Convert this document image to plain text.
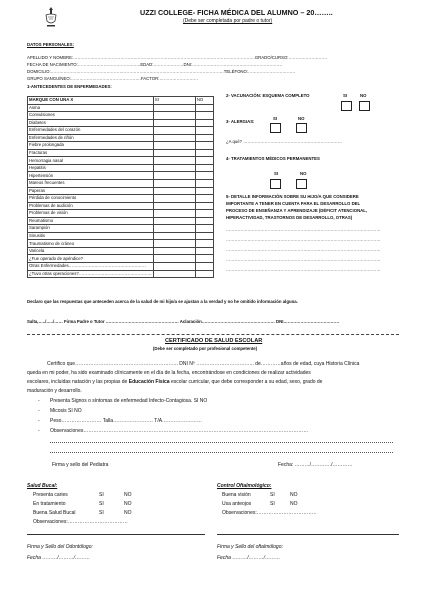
UZZI COLLEGE- FICHA MÉDICA DEL ALUMNO – 20……..
(Debe ser completada por padre o tutor)
DATOS PERSONALES:
APELLIDO Y NOMBRE:……………………………………………………………………………………………………………….GRADO/CURSO:………………………
FECHA DE NACIMIENTO:……………………………………..EDAD:…………………DNI:………………………………………………………
DOMICILIO:………………………………………………………………………………………………………….TELÉFONO:……………………………
GRUPO SANGUÍNEO:………………………………………….FACTOR:………………………
1-ANTECEDENTES DE ENFERMEDADES:
MARQUE CON UNA X	SI	NO
Asma		
Convulsiones		
Diabetes		
Enfermedades del corazón		
Enfermedades de riñón		
Fiebre prolongada		
Fracturas		
Hemorragia nasal		
Hepatitis		
Hipertensión		
Mareos frecuentes		
Paperas		
Pérdida de conocimiento		
Problemas de audición		
Problemas de visión		
Reumatismo		
Sarampión		
Sinusitis		
Traumatismo de cráneo		
Varicela		
¿Fue operado de apéndice?		
Otras Enfermedades………………………………………………		
¿Tuvo otras operaciones?……………………………………………		
2- VACUNACIÓN: ESQUEMA COMPLETO	SI	NO
3- ALERGIAS:
SI	NO
¿A qué? ……………………………………………………………
4- TRATAMIENTOS MÉDICOS PERMANENTES
SI	NO
5- DETALLE INFORMACIÓN SOBRE SU HIJO/A QUE CONSIDERE
IMPORTANTE A TENER EN CUENTA PARA EL DESARROLLO DEL
PROCESO DE ENSEÑANZA Y APRENDIZAJE (DÉFICIT ATENCIONAL,
HIPERACTIVIDAD, TRASTORNOS DE DESARROLLO, OTRAS)
………………………………………………………………………………………………
………………………………………………………………………………………………
………………………………………………………………………………………………
………………………………………………………………………………………………
………………………………………………………………………………………………
Declaro que las respuestas que anteceden acerca de la salud de mi hijo/a se ajustan a la verdad y no he omitido información alguna.
Salta,…../…../…… Firma Padre o Tutor …………………………………………… Aclaración…………………………………………… DNI…………………………………
CERTIFICADO DE SALUD ESCOLAR
(Debe ser completado por profesional competente)
Certifico que…………………………………………………….. DNI Nº …………………………….. de…………años de edad, cuya Historia Clínica
queda en mi poder, ha sido examinado clínicamente en el día de la fecha, encontrándose en condiciones de realizar actividades
escolares, incluidas natación y las propias de Educación Física escolar curricular, que debe corresponder a su edad, sexo, grado de
maduración y desarrollo.
- Presenta Signos o síntomas de enfermedad Infecto-Contagiosa. SI NO
- Micosis SI NO
- Peso…………………… Talla…………………… T/A……………………
- Observaciones………………………………………………………………………………………………………………………
Firma y sello del Pediatra	Fecha: ………/…………/…………
Salud Bucal:
Presenta caries	SI	NO
En tratamiento	SI	NO
Buena Salud Bucal	SI	NO
Observaciones:………………………………
Firma y Sello del Odontólogo:
Fecha ………/………/………
Control Oftalmológico:
Buena visión	SI	NO
Usa anteojos	SI	NO
Observaciones:………………………………
Firma y Sello del oftalmólogo:
Fecha ………/………/………
